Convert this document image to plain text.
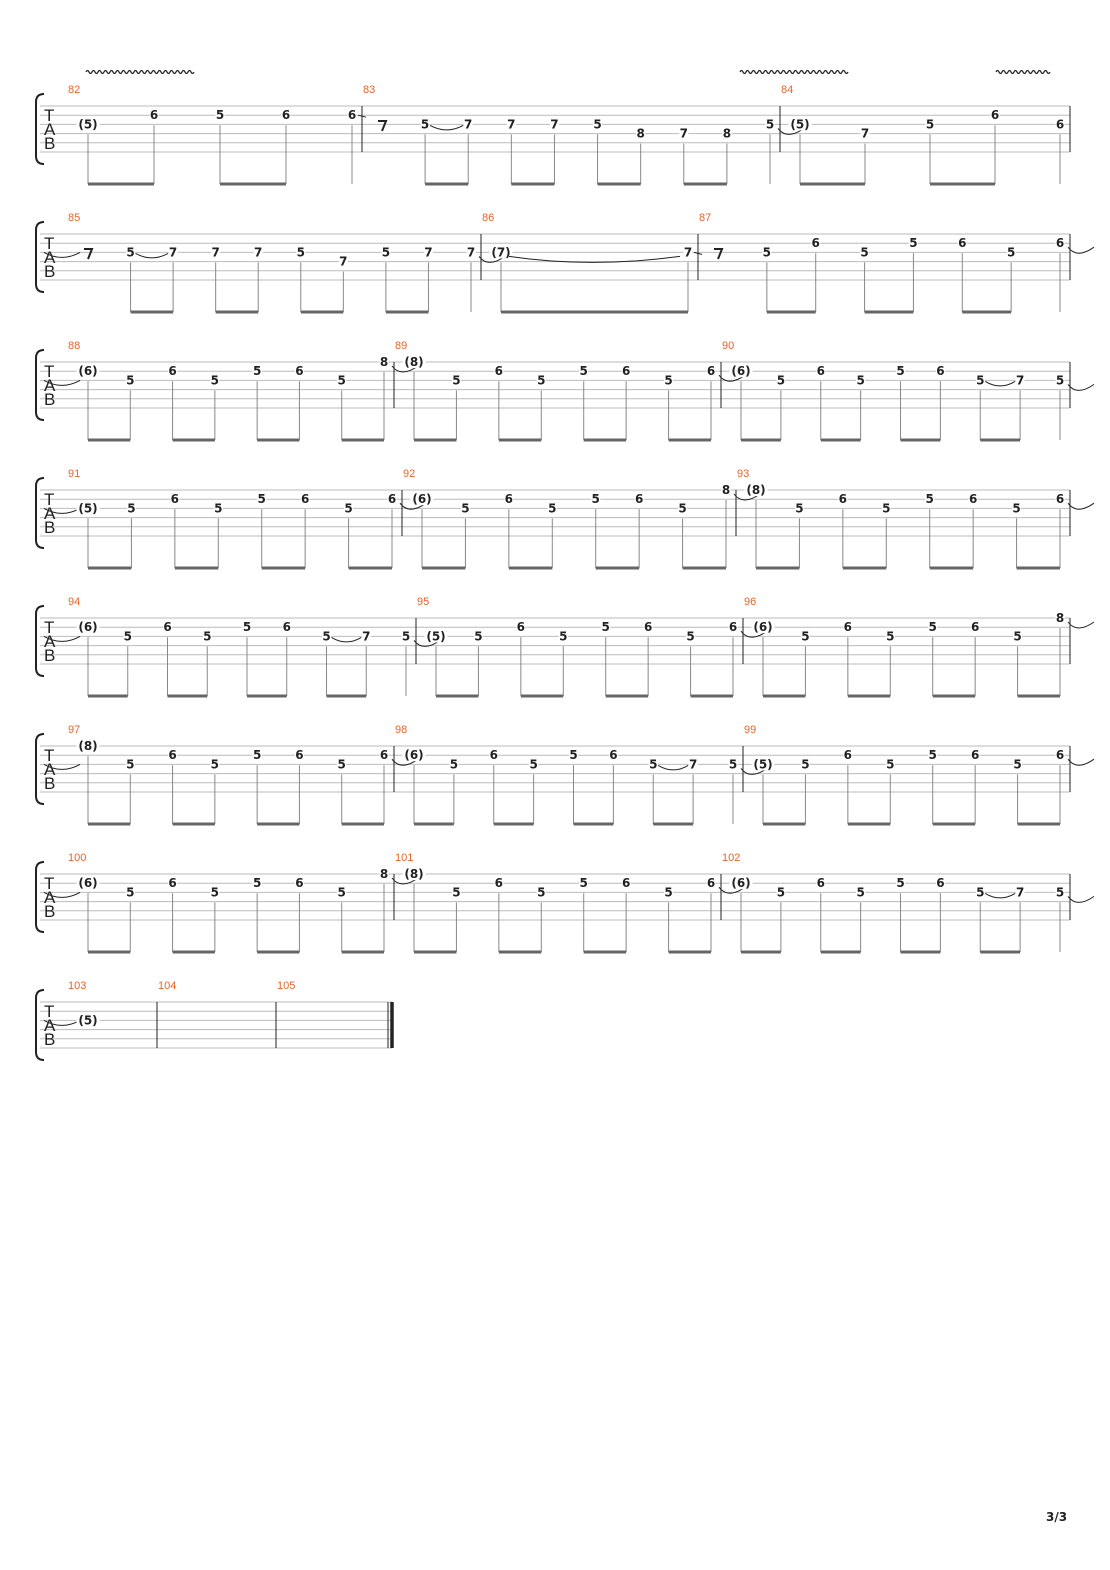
T
A
B
82
(5)
6	5	6	6
83
5	7	7	7	5
8	7	8
5
84
(5)
7
5
6
6
T
A
B
85
5	7	7	7	5
7
5	7	7
86
(7)	7
87
5
6
5
5	6
5
6
T
A
B
88
(6)
5
6
5
5	6
5
8
89
(8)
5
6
5
5	6
5
6
90
(6)
5
6
5
5	6
5	7	5
T
A
B
91
(5) 5
6
5
5	6
5
6
92
(6)
5
6
5
5	6
5
8
93
(8)
5
6
5
5	6
5
6
T
A
B
94
(6)
5
6
5
5	6
5	7	5
95
(5) 5
6
5
5	6
5
6
96
(6)
5
6
5
5	6
5
8
T
A
B
97
(8)
5
6
5
5	6
5
6
98
(6)
5
6
5
5	6
5	7	5
99
(5) 5
6
5
5	6
5
6
T
A
B
100
(6)
5
6
5
5	6
5
8
101
(8)
5
6
5
5	6
5
6
102
(6)
5
6
5
5	6
5	7	5
T
A
B
103
(5)
104	105
3/3
